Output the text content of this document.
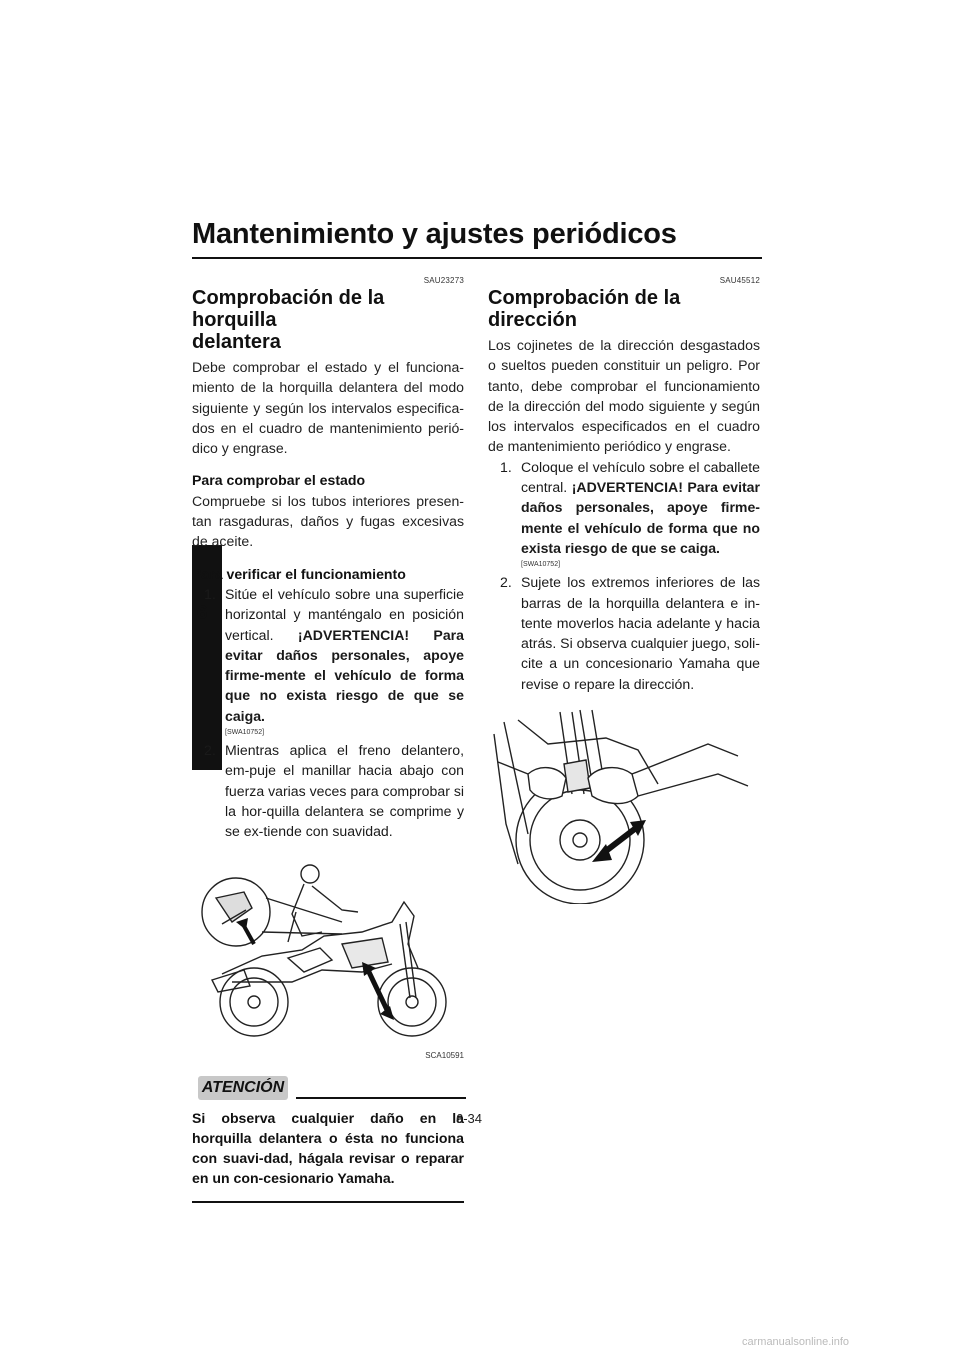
Mantenimiento y ajustes periódicos
6
SAU23273
Comprobación de la horquilla
delantera

Debe comprobar el estado y el funciona-miento de la horquilla delantera del modo siguiente y según los intervalos especifica-dos en el cuadro de mantenimiento perió-dico y engrase.

Para comprobar el estado

Compruebe si los tubos interiores presen-tan rasgaduras, daños y fugas excesivas de aceite.

Para verificar el funcionamiento
1. Sitúe el vehículo sobre una superficie horizontal y manténgalo en posición vertical. ¡ADVERTENCIA! Para evitar daños personales, apoye firme-mente el vehículo de forma que no exista riesgo de que se caiga.
[SWA10752]
2. Mientras aplica el freno delantero, em-puje el manillar hacia abajo con fuerza varias veces para comprobar si la hor-quilla delantera se comprime y se ex-tiende con suavidad.
SCA10591
ATENCIÓN
Si observa cualquier daño en la horquilla delantera o ésta no funciona con suavi-dad, hágala revisar o reparar en un con-cesionario Yamaha.
SAU45512
Comprobación de la dirección

Los cojinetes de la dirección desgastados o sueltos pueden constituir un peligro. Por tanto, debe comprobar el funcionamiento de la dirección del modo siguiente y según los intervalos especificados en el cuadro de mantenimiento periódico y engrase.

1. Coloque el vehículo sobre el caballete central. ¡ADVERTENCIA! Para evitar daños personales, apoye firme-mente el vehículo de forma que no exista riesgo de que se caiga.
[SWA10752]
2. Sujete los extremos inferiores de las barras de la horquilla delantera e in-tente moverlos hacia adelante y hacia atrás. Si observa cualquier juego, soli-cite a un concesionario Yamaha que revise o repare la dirección.
6-34
carmanualsonline.info
